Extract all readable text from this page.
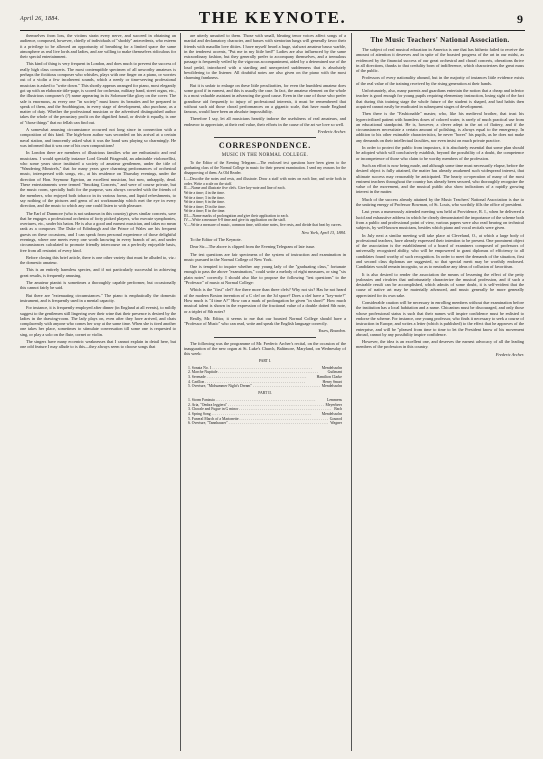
April 26, 1884.	THE KEYNOTE.	9

themselves from loss, the victims strain every nerve, and succeed in obtaining an audience, composed, however, chiefly of individuals of "shoddy" antecedents, who esteem it a privilege to be allowed an opportunity of breathing for a limited space the same atmosphere as real live lords and ladies, and are willing to make themselves ridiculous for their special entertainment.

This kind of thing is very frequent in London, and does much to prevent the success of really high class concerts. The most contemptible specimen of all unworthy amateurs is perhaps the fictitious composer who whistles, plays with one finger on a piano, or worries out of a violin a few incoherent sounds, which a needy or time-serving professional musician is asked to "write down." This shortly appears arranged for piano, most elegantly got up with an elaborate title-page, is scored for orchestra, military band, street organ, etc., the illustrious composer's (?) name appearing in its Solomon-like glory on the cover. The sale is enormous, as every one "in society" must know its beauties and be prepared to speak of them, and the Snobbington, in every stage of development, also purchase, as a matter of duty. Whether the professional musician or the advertised distinguished author takes the whole of the pecuniary profit on the dignified fraud, or divide it equally, is one of "those things" that no fellah can find out.

A somewhat amusing circumstance occurred not long since in connection with a composition of this kind. The high-born author was seconded on his arrival at a certain naval station, and innocently asked what it was the band was playing so charmingly. He was informed that it was one of his own compositions!

In London there are members of illustrious families who are enthusiastic and real musicians. I would specially instance Lord Gerald Fitzgerald, an admirable violoncellist, who some years since instituted a society of amateur gentlemen, under the title of "Wandering Minstrels," that for many years gave charming performances of orchestral music, interspersed with songs, etc., at his residence on Thursday evenings, under the direction of Hon. Seymour Egerton, an excellent musician, but now, unhappily, dead. These entertainments were termed "Smoking Concerts," and were of course private, but the music room, specially built for the purpose, was always crowded with the friends of the members, who enjoyed both tobacco in its various forms, and liquid refreshments, to say nothing of the pictures and gems of art workmanship which met the eye in every direction, and the music to which any one could listen to with pleasure.

The Earl of Dunmore (who is not unknown in this country) gives similar concerts, save that he engages a professional orchestra of forty picked players, who execute symphonies, overtures, etc., under his baton. He is also a good and earnest musician, and takes no mean rank as a composer. The Duke of Edinburgh and the Prince of Wales are his frequent guests on these occasions, and I can speak from personal experience of those delightful evenings, where one meets every one worth knowing in every branch of art, and under circumstances calculated to promote friendly intercourse on a perfectly enjoyable basis, free from all restraint of every kind.

Before closing this brief article, there is one other variety that must be alluded to, viz.: the domestic amateur.

This is an entirely harmless species, and if not particularly successful in achieving great results, is frequently amusing.

The amateur pianist is sometimes a thoroughly capable performer, but occasionally this cannot fairly be said.

But there are "extenuating circumstances." The piano is emphatically the domestic instrument, and is frequently used in a menial capacity.

For instance, it is frequently employed after dinner (in England at all events), to mildly suggest to the gentlemen still lingering over their wine that their presence is desired by the ladies in the drawing-room. The lady plays on, even after they have arrived, and chats complacently with anyone who comes her way at the same time. When she is tired another one takes her place, sometimes to stimulate conversation till some one is requested to sing, or play a solo on the flute, cornet or violin.

The singers have many eccentric weaknesses that I cannot explain in detail here, but one odd feature I may allude to is this—they always seem to choose songs that

are utterly unsuited to them. Those with small, bleating tenor voices affect songs of a martial and declamatory character, and basses with stentorian lungs will generally favor their friends with maudlin love ditties. I have myself heard a huge, stalwart amateur basso warble, in the tenderest accents, "Put me in my little bed!" Ladies are also influenced by the same extraordinary fashion, but they generally prefer to accompany themselves, and a tremulous passage is frequently veiled by the vigorous accompaniment, aided by a determined use of the loud pedal, introduced with a startling and unexpected suddenness that is absolutely bewildering to the listener. All doubtful notes are also given on the piano with the most charming frankness.

But it is unfair to enlarge on these little peculiarities, for even the humblest amateur does some good if in earnest, and this is usually the case. In fact, the amateur element on the whole is a most valuable assistant in advancing the good cause. Even in the case of those who prefer grandiose aid frequently to injury of professional interests, it must be remembered that without such aid those choral performances on a gigantic scale, that have made England famous, would have been an absolute impossibility.

Therefore I say, let all musicians heartily indorse the usefulness of real amateurs, and endeavor to appreciate, at their real value, their efforts in the cause of the art we love so well.

Frederic Archer.
CORRESPONDENCE.
MUSIC IN THE NORMAL COLLEGE.

To the Editor of the Evening Telegram:—The enclosed test questions have been given to the graduating class of the Normal College in music for their present examination. I send my reasons for the disapproving of them. As Old Reader.

I.—Describe the notes and rests, and illustrate. Draw a staff with notes on each line, and write both in order. Write a scale on the staff.
II.—Name and illustrate five clefs. Give key-note and line of each.
Write a time; 4 in the time.
Write a time; 3 in the time.
Write a time; 6 in the time.
Write a time; D in the time.
Write a time; E in the time.
III.—Name marks of prolongation and give their application to each.
IV.—Write a measure 6-8 time and give its application on the staff.
V.—Write a measure of music, common time, with nine notes, five rests, and divide that beat by curves.
New York, April 13, 1884.

To the Editor of The Keynote.

Dear Sir—The above is clipped from the Evening Telegram of late issue.

The test questions are fair specimens of the system of instruction and examination in music pursued in the Normal College of New York.

One is tempted to inquire whether any young lady of the "graduating class," fortunate enough to pass the above "examination," could write a melody of eight measures, or sing "six plain notes" correctly. I should also like to propose the following "test questions" to the "Professor" of music at Normal College:

Which is the "first" clef? Are there more than three clefs? Why not six? Has he not heard of the modern Boston invention of a C clef on the 3d space? Does a clef have a "key-note?" How much is "4 time A?" How can a mark of prolongation be given "in short?" How much musical talent is shown in the expression of the fractional value of a double dotted 8th note, or a triplet of 8th notes?

Really, Mr. Editor, it seems to me that our boasted Normal College should have a "Professor of Music" who can read, write and speak the English language correctly.

Yours, Bourdon.

The following was the programme of Mr. Frederic Archer's recital, on the occasion of the inauguration of the new organ at St. Luke's Church, Baltimore, Maryland, on Wednesday of this week:

PART I.
1. Sonata No. 1 . . .	Mendelssohn
2. Marche Nuptiale . . .	Guilmant
3. Serenade . . .	Hamilton Clarke
4. Carillon . . .	Henry Smart
5. Overture, "Midsummer Night's Dream" . . .	Mendelssohn
PART II.
1. Storm Fantasia . . .	Lemmens
2. Aria, "Ombra leggiera" . . .	Meyerbeer
3. Chorale and Fugue in G minor . . .	Bach
4. Spring Song . . .	Mendelssohn
5. Funeral March of a Marionette . . .	Gounod
6. Overture, "Tannhauser" . . .	Wagner
The Music Teachers' National Association.

The subject of real musical education in America is one that has hitherto failed to receive the amount of attention it deserves and in spite of the boasted progress of the art in our midst, as evidenced by the financial success of our great orchestral and choral concerts, oberations thrive in all directions, thanks to that credulity born of indifference, which characterizes the great mass of the public.

Professors of every nationality abound, but in the majority of instances little evidence exists of the real value of the training received by the rising generation at their hands.

Unfortunately, also, many parents and guardians entertain the notion that a cheap and inferior teacher is good enough for young pupils requiring elementary instruction, losing sight of the fact that during this training stage the whole future of the student is shaped, and bad habits then acquired cannot easily be eradicated in subsequent stages of development.

Then there is the "Fashionable" master, who, like his medieval brother, that trust his hypercivilized patient with harmless doses of colored water, is rarely of much practical use from an educational standpoint. He is, however, a clever adept in the art of flattery, and if the circumstances necessitate a certain amount of polishing, is always equal to the emergency. In addition to his other estimable characteristics, he never "bores" his pupils, as he does not make any demands on their intellectual faculties, nor even insist on much private practice.

In order to protect the public from impostors, it is absolutely essential that some plan should be adopted which will conclusively establish, beyond the possibility of a doubt, the competence or incompetence of those who claim to be worthy members of the profession.

Such an effort is now being made, and although some time must necessarily elapse, before the desired object is fully attained, the matter has already awakened such widespread interest, that ultimate success may reasonably be anticipated. The hearty co-operation of many of the most eminent teachers throughout the country has already been secured, who thoroughly recognize the value of the movement, and the musical public also show indications of a rapidly growing interest in the matter.

Much of the success already attained by the Music Teachers' National Association is due to the untiring energy of Professor Bowman, of St. Louis, who worthily fills the office of president.

Last years a numerously attended meeting was held at Providence, R. I., when he delivered a lucid and exhaustive address in which he clearly demonstrated the importance of the scheme both from a public and professional point of view, various papers were also read bearing on technical subjects, by well-known musicians, besides which piano and vocal recitals were given.

In July next a similar meeting will take place at Cleveland, O., at which a large body of professional teachers, have already expressed their intention to be present. One prominent object of the association is the establishment of a board of examiners composed of professors of universally recognized ability, who will be empowered to grant diplomas of efficiency to all candidates found worthy of such recognition. In order to meet the demands of the situation, first and second class diplomas are suggested, so that special merit may be worthily endorsed. Candidates would remain incognito, so as to neutralize any ideas of collusion of favoritism.

It is also desired to render the association the means of lessening the effect of the petty jealousies and rivalries that unfortunately characterize the musical profession, and if such a desirable result can be accomplished, which admits of some doubt, it is self-evident that the cause of native art may be materially advanced, and music generally be more generally appreciated for its own sake.

Considerable caution will be necessary in enrolling members without due examination before the institution has a local habitation and a name. Chicanism must be discouraged, and only those whose professional status is such that their names will inspire confidence must be enlisted to endorse the scheme. For instance, one young professor, who finds it necessary to seek a course of instruction in Europe, and writes a letter (which is published) to the effect that he approves of the enterprise, and will be "pleased from time to time to let the President know of his movement abroad, cannot by any possibility inspire confidence.

However, the idea is an excellent one, and deserves the earnest advocacy of all the leading members of the profession in this country.

Frederic Archer.
